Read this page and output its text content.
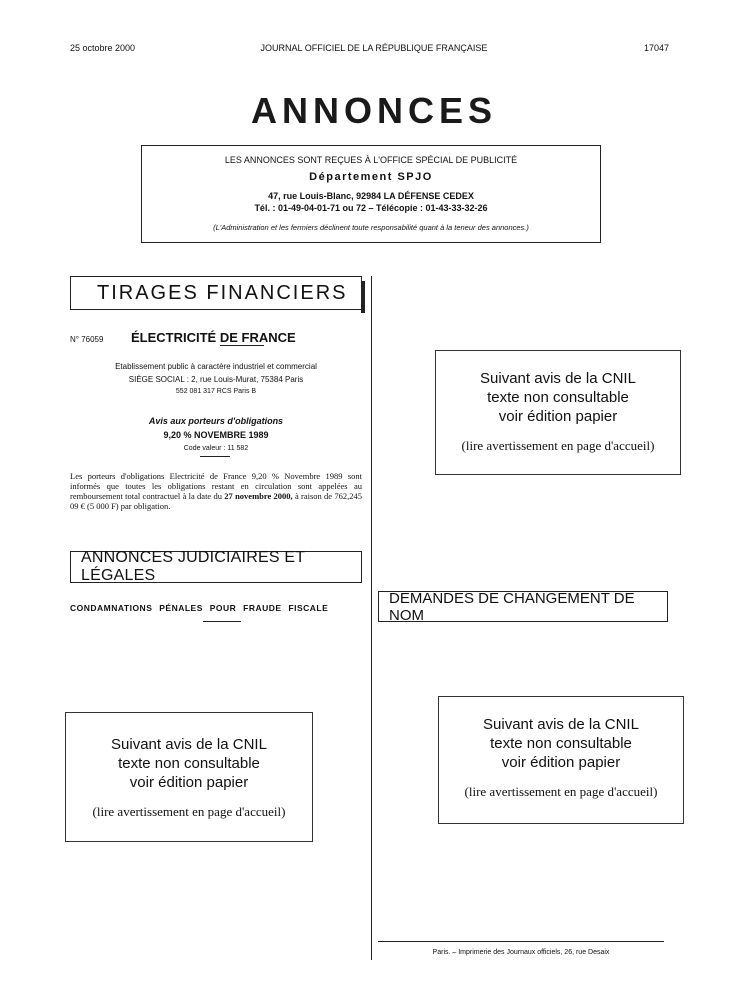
25 octobre 2000	JOURNAL OFFICIEL DE LA RÉPUBLIQUE FRANÇAISE	17047
ANNONCES
LES ANNONCES SONT REÇUES À L'OFFICE SPÉCIAL DE PUBLICITÉ
Département SPJO
47, rue Louis-Blanc, 92984 LA DÉFENSE CEDEX
Tél. : 01-49-04-01-71 ou 72 – Télécopie : 01-43-33-32-26
(L'Administration et les fermiers déclinent toute responsabilité quant à la teneur des annonces.)
TIRAGES FINANCIERS
N° 76059 ÉLECTRICITÉ DE FRANCE
Etablissement public à caractère industriel et commercial
SIÈGE SOCIAL : 2, rue Louis-Murat, 75384 Paris
552 081 317 RCS Paris B
Avis aux porteurs d'obligations
9,20 % NOVEMBRE 1989
Code valeur : 11 582
Les porteurs d'obligations Electricité de France 9,20 % Novembre 1989 sont informés que toutes les obligations restant en circulation sont appelées au remboursement total contractuel à la date du 27 novembre 2000, à raison de 762,245 09 € (5 000 F) par obligation.
ANNONCES JUDICIAIRES ET LÉGALES
CONDAMNATIONS PÉNALES POUR FRAUDE FISCALE
Suivant avis de la CNIL
texte non consultable
voir édition papier
(lire avertissement en page d'accueil)
Suivant avis de la CNIL
texte non consultable
voir édition papier
(lire avertissement en page d'accueil)
DEMANDES DE CHANGEMENT DE NOM
Suivant avis de la CNIL
texte non consultable
voir édition papier
(lire avertissement en page d'accueil)
Paris. – Imprimerie des Journaux officiels, 26, rue Desaix
